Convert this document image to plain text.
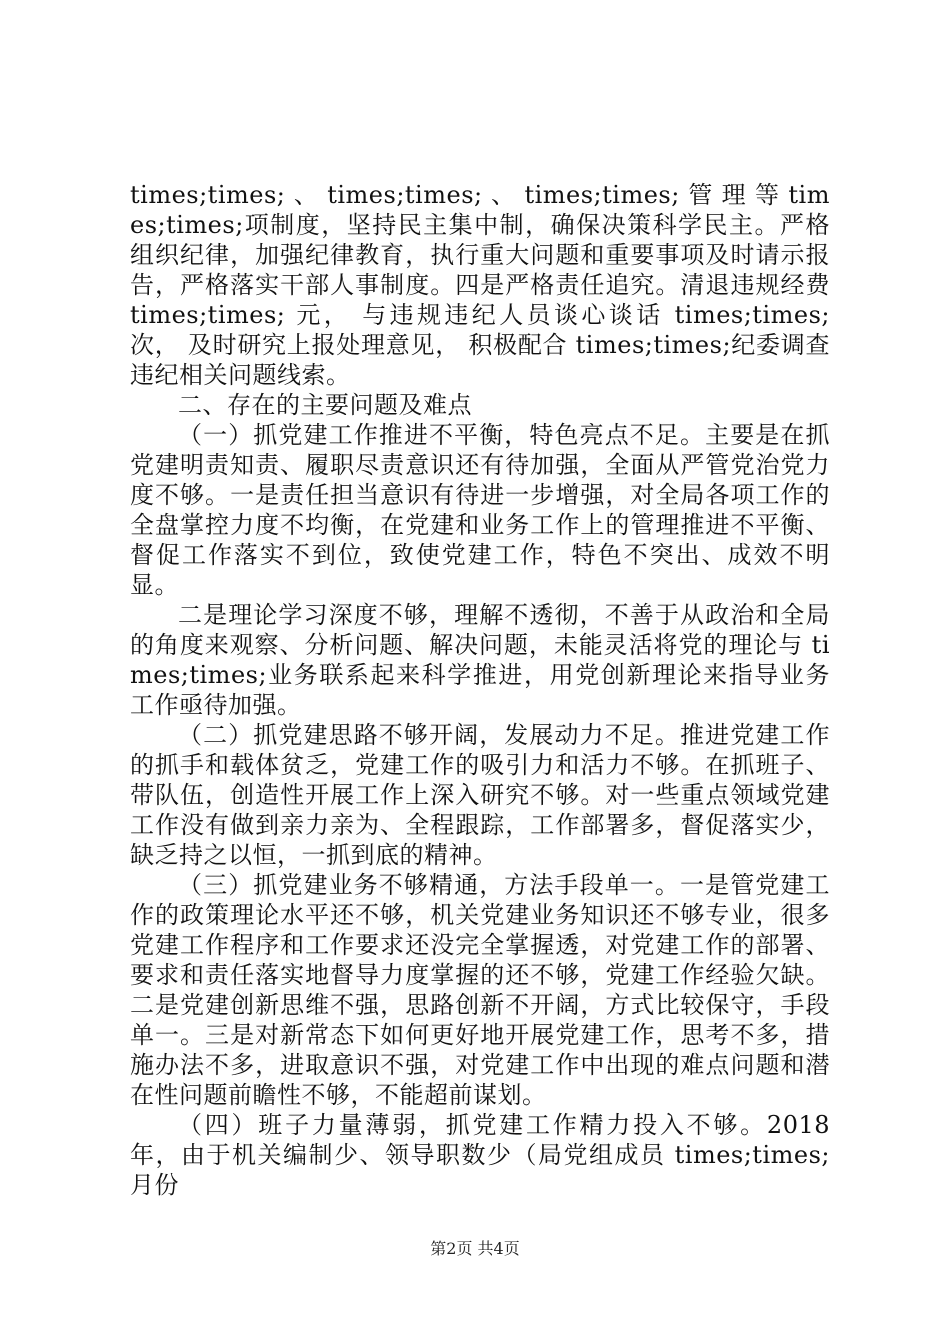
times;times; 、 times;times; 、 times;times; 管 理 等 times;times;项制度，坚持民主集中制，确保决策科学民主。严格组织纪律，加强纪律教育，执行重大问题和重要事项及时请示报告，严格落实干部人事制度。四是严格责任追究。清退违规经费 times;times; 元， 与违规违纪人员谈心谈话 times;times; 次， 及时研究上报处理意见， 积极配合 times;times;纪委调查违纪相关问题线索。

二、存在的主要问题及难点

（一）抓党建工作推进不平衡，特色亮点不足。主要是在抓党建明责知责、履职尽责意识还有待加强，全面从严管党治党力度不够。一是责任担当意识有待进一步增强，对全局各项工作的全盘掌控力度不均衡，在党建和业务工作上的管理推进不平衡、督促工作落实不到位，致使党建工作，特色不突出、成效不明显。

二是理论学习深度不够，理解不透彻，不善于从政治和全局的角度来观察、分析问题、解决问题，未能灵活将党的理论与 times;times;业务联系起来科学推进，用党创新理论来指导业务工作亟待加强。

（二）抓党建思路不够开阔，发展动力不足。推进党建工作的抓手和载体贫乏，党建工作的吸引力和活力不够。在抓班子、带队伍，创造性开展工作上深入研究不够。对一些重点领域党建工作没有做到亲力亲为、全程跟踪，工作部署多，督促落实少，缺乏持之以恒，一抓到底的精神。

（三）抓党建业务不够精通，方法手段单一。一是管党建工作的政策理论水平还不够，机关党建业务知识还不够专业，很多党建工作程序和工作要求还没完全掌握透，对党建工作的部署、要求和责任落实地督导力度掌握的还不够，党建工作经验欠缺。二是党建创新思维不强，思路创新不开阔，方式比较保守，手段单一。三是对新常态下如何更好地开展党建工作，思考不多，措施办法不多，进取意识不强，对党建工作中出现的难点问题和潜在性问题前瞻性不够，不能超前谋划。

（四）班子力量薄弱，抓党建工作精力投入不够。2018 年，由于机关编制少、领导职数少（局党组成员 times;times;月份

第2页 共4页
